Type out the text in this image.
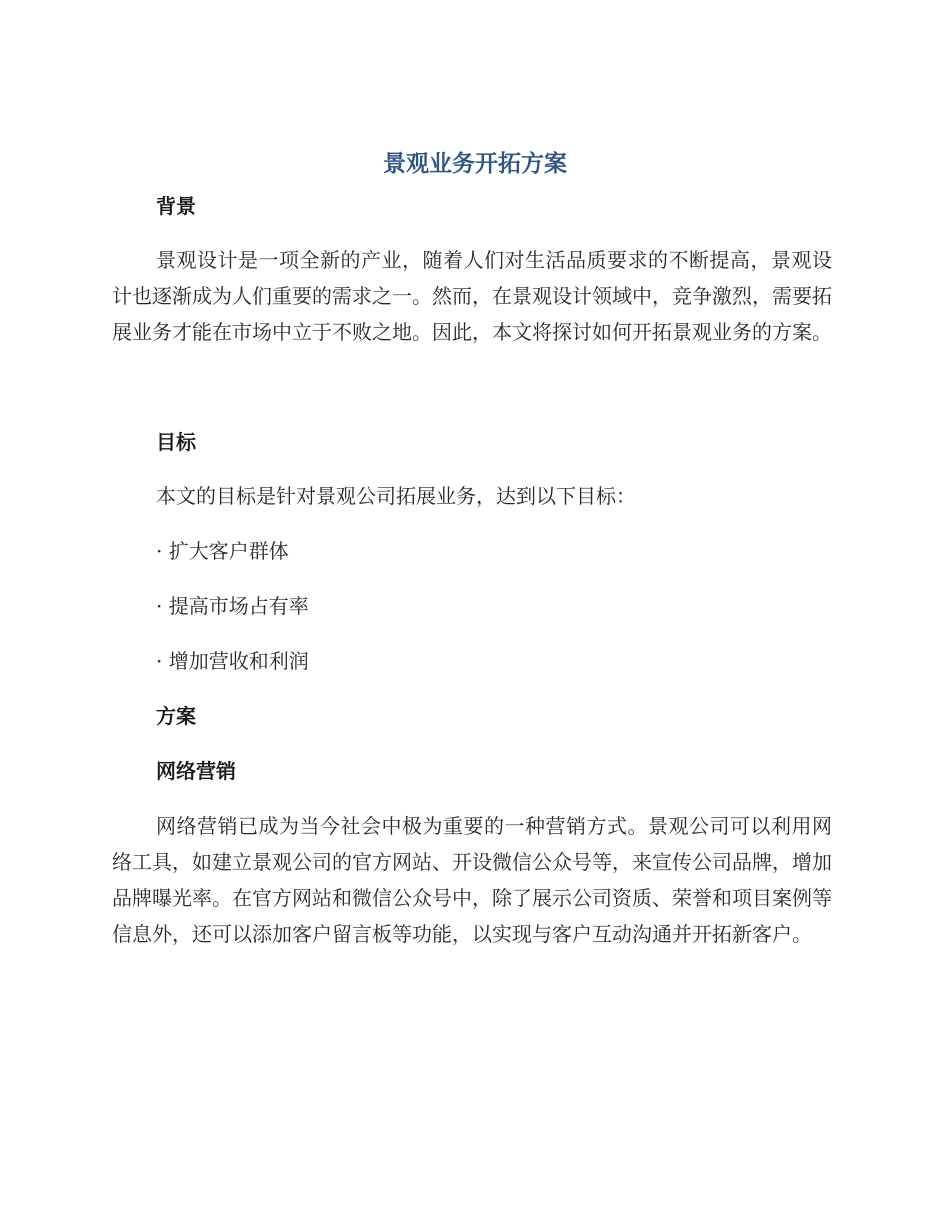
景观业务开拓方案
背景

景观设计是一项全新的产业，随着人们对生活品质要求的不断提高，景观设计也逐渐成为人们重要的需求之一。然而，在景观设计领域中，竞争激烈，需要拓展业务才能在市场中立于不败之地。因此，本文将探讨如何开拓景观业务的方案。

目标

本文的目标是针对景观公司拓展业务，达到以下目标：

· 扩大客户群体

· 提高市场占有率

· 增加营收和利润

方案
网络营销

网络营销已成为当今社会中极为重要的一种营销方式。景观公司可以利用网络工具，如建立景观公司的官方网站、开设微信公众号等，来宣传公司品牌，增加品牌曝光率。在官方网站和微信公众号中，除了展示公司资质、荣誉和项目案例等信息外，还可以添加客户留言板等功能，以实现与客户互动沟通并开拓新客户。
